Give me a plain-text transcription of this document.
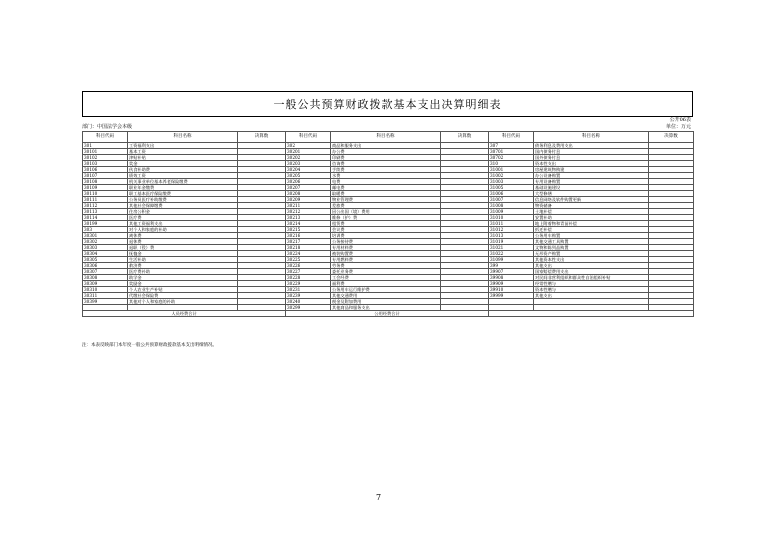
一般公共预算财政拨款基本支出决算明细表
公开06表
部门：中国法学会本级	单位：万元
科目代码	科目名称	决算数	科目代码	科目名称	决算数	科目代码	科目名称	决算数
301	工资福利支出		302	商品和服务支出		307	债务利息及费用支出	
30101	基本工资		30201	办公费		30701	国内债务付息	
30102	津贴补贴		30202	印刷费		30702	国外债务付息	
30103	奖金		30203	咨询费		310	资本性支出	
30106	伙食补助费		30204	手续费		31001	房屋建筑物购建	
30107	绩效工资		30205	水费		31002	办公设备购置	
30108	机关事业单位基本养老保险缴费		30206	电费		31003	专用设备购置	
30109	职业年金缴费		30207	邮电费		31005	基础设施建设	
30110	职工基本医疗保险缴费		30208	取暖费		31006	大型修缮	
30111	公务员医疗补助缴费		30209	物业管理费		31007	信息网络及软件购置更新	
30112	其他社会保障缴费		30211	差旅费		31008	物资储备	
30113	住房公积金		30212	因公出国（境）费用		31009	土地补偿	
30114	医疗费		30213	维修（护）费		31010	安置补助	
30199	其他工资福利支出		30214	租赁费		31011	地上附着物和青苗补偿	
303	对个人和家庭的补助		30215	会议费		31012	拆迁补偿	
30301	离休费		30216	培训费		31013	公务用车购置	
30302	退休费		30217	公务接待费		31019	其他交通工具购置	
30303	退职（役）费		30218	专用材料费		31021	文物和陈列品购置	
30304	抚恤金		30224	被装购置费		31022	无形资产购置	
30305	生活补助		30225	专用燃料费		31099	其他资本性支出	
30306	救济费		30226	劳务费		399	其他支出	
30307	医疗费补助		30227	委托业务费		39907	国家赔偿费用支出	
30308	助学金		30228	工会经费		39908	对民间非营利组织和群众性自治组织补贴	
30309	奖励金		30229	福利费		39909	经常性赠与	
30310	个人农业生产补贴		30231	公务用车运行维护费		39910	资本性赠与	
30311	代缴社会保险费		30239	其他交通费用		39999	其他支出	
30399	其他对个人和家庭的补助		30240	税金及附加费用				
			30299	其他商品和服务支出				
人员经费合计			公用经费合计					
注：本表反映部门本年度一般公共预算财政拨款基本支出明细情况。
7
